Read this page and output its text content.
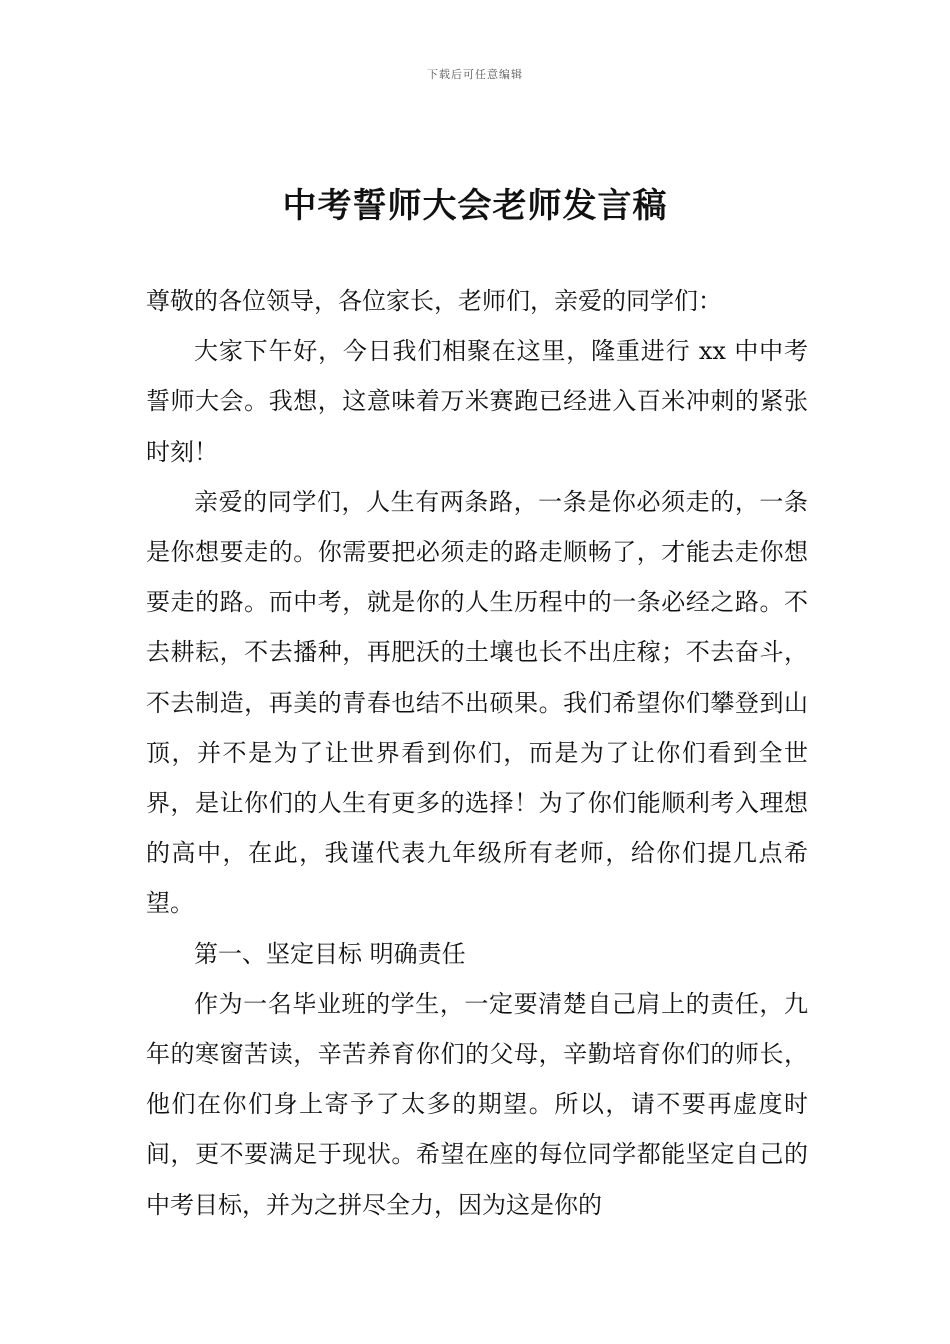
下载后可任意编辑
中考誓师大会老师发言稿

尊敬的各位领导，各位家长，老师们，亲爱的同学们：

大家下午好，今日我们相聚在这里，隆重进行 xx 中中考誓师大会。我想，这意味着万米赛跑已经进入百米冲刺的紧张时刻！

亲爱的同学们，人生有两条路，一条是你必须走的，一条是你想要走的。你需要把必须走的路走顺畅了，才能去走你想要走的路。而中考，就是你的人生历程中的一条必经之路。不去耕耘，不去播种，再肥沃的土壤也长不出庄稼；不去奋斗，不去制造，再美的青春也结不出硕果。我们希望你们攀登到山顶，并不是为了让世界看到你们，而是为了让你们看到全世界，是让你们的人生有更多的选择！为了你们能顺利考入理想的高中，在此，我谨代表九年级所有老师，给你们提几点希望。

第一、坚定目标 明确责任

作为一名毕业班的学生，一定要清楚自己肩上的责任，九年的寒窗苦读，辛苦养育你们的父母，辛勤培育你们的师长，他们在你们身上寄予了太多的期望。所以，请不要再虚度时间，更不要满足于现状。希望在座的每位同学都能坚定自己的中考目标，并为之拼尽全力，因为这是你的
